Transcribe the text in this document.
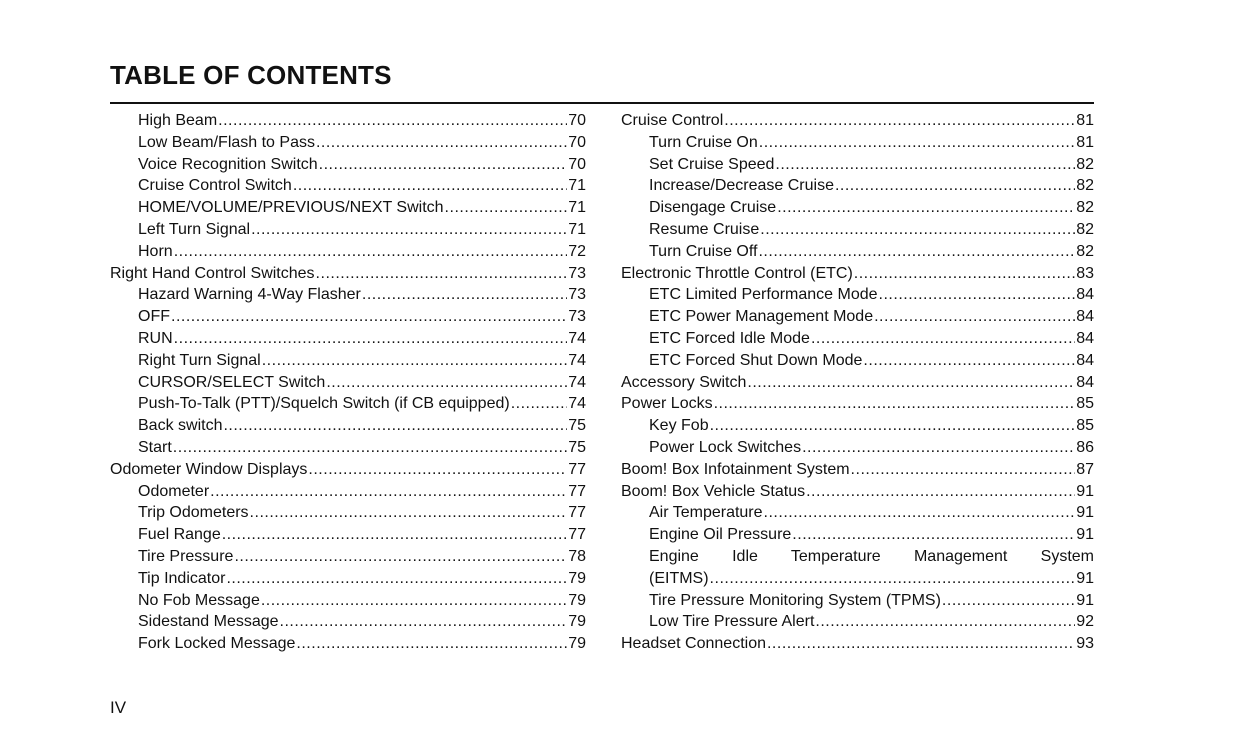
TABLE OF CONTENTS
High Beam .....	70
Low Beam/Flash to Pass .....	70
Voice Recognition Switch .....	70
Cruise Control Switch .....	71
HOME/VOLUME/PREVIOUS/NEXT Switch .....	71
Left Turn Signal .....	71
Horn .....	72
Right Hand Control Switches .....	73
Hazard Warning 4-Way Flasher .....	73
OFF .....	73
RUN .....	74
Right Turn Signal .....	74
CURSOR/SELECT Switch .....	74
Push-To-Talk (PTT)/Squelch Switch (if CB equipped) .....	74
Back switch .....	75
Start .....	75
Odometer Window Displays .....	77
Odometer .....	77
Trip Odometers .....	77
Fuel Range .....	77
Tire Pressure .....	78
Tip Indicator .....	79
No Fob Message .....	79
Sidestand Message .....	79
Fork Locked Message .....	79
Cruise Control .....	81
Turn Cruise On .....	81
Set Cruise Speed .....	82
Increase/Decrease Cruise .....	82
Disengage Cruise .....	82
Resume Cruise .....	82
Turn Cruise Off .....	82
Electronic Throttle Control (ETC) .....	83
ETC Limited Performance Mode .....	84
ETC Power Management Mode .....	84
ETC Forced Idle Mode .....	84
ETC Forced Shut Down Mode .....	84
Accessory Switch .....	84
Power Locks .....	85
Key Fob .....	85
Power Lock Switches .....	86
Boom! Box Infotainment System .....	87
Boom! Box Vehicle Status .....	91
Air Temperature .....	91
Engine Oil Pressure .....	91
Engine Idle Temperature Management System
(EITMS) .....	91
Tire Pressure Monitoring System (TPMS) .....	91
Low Tire Pressure Alert .....	92
Headset Connection .....	93
IV
